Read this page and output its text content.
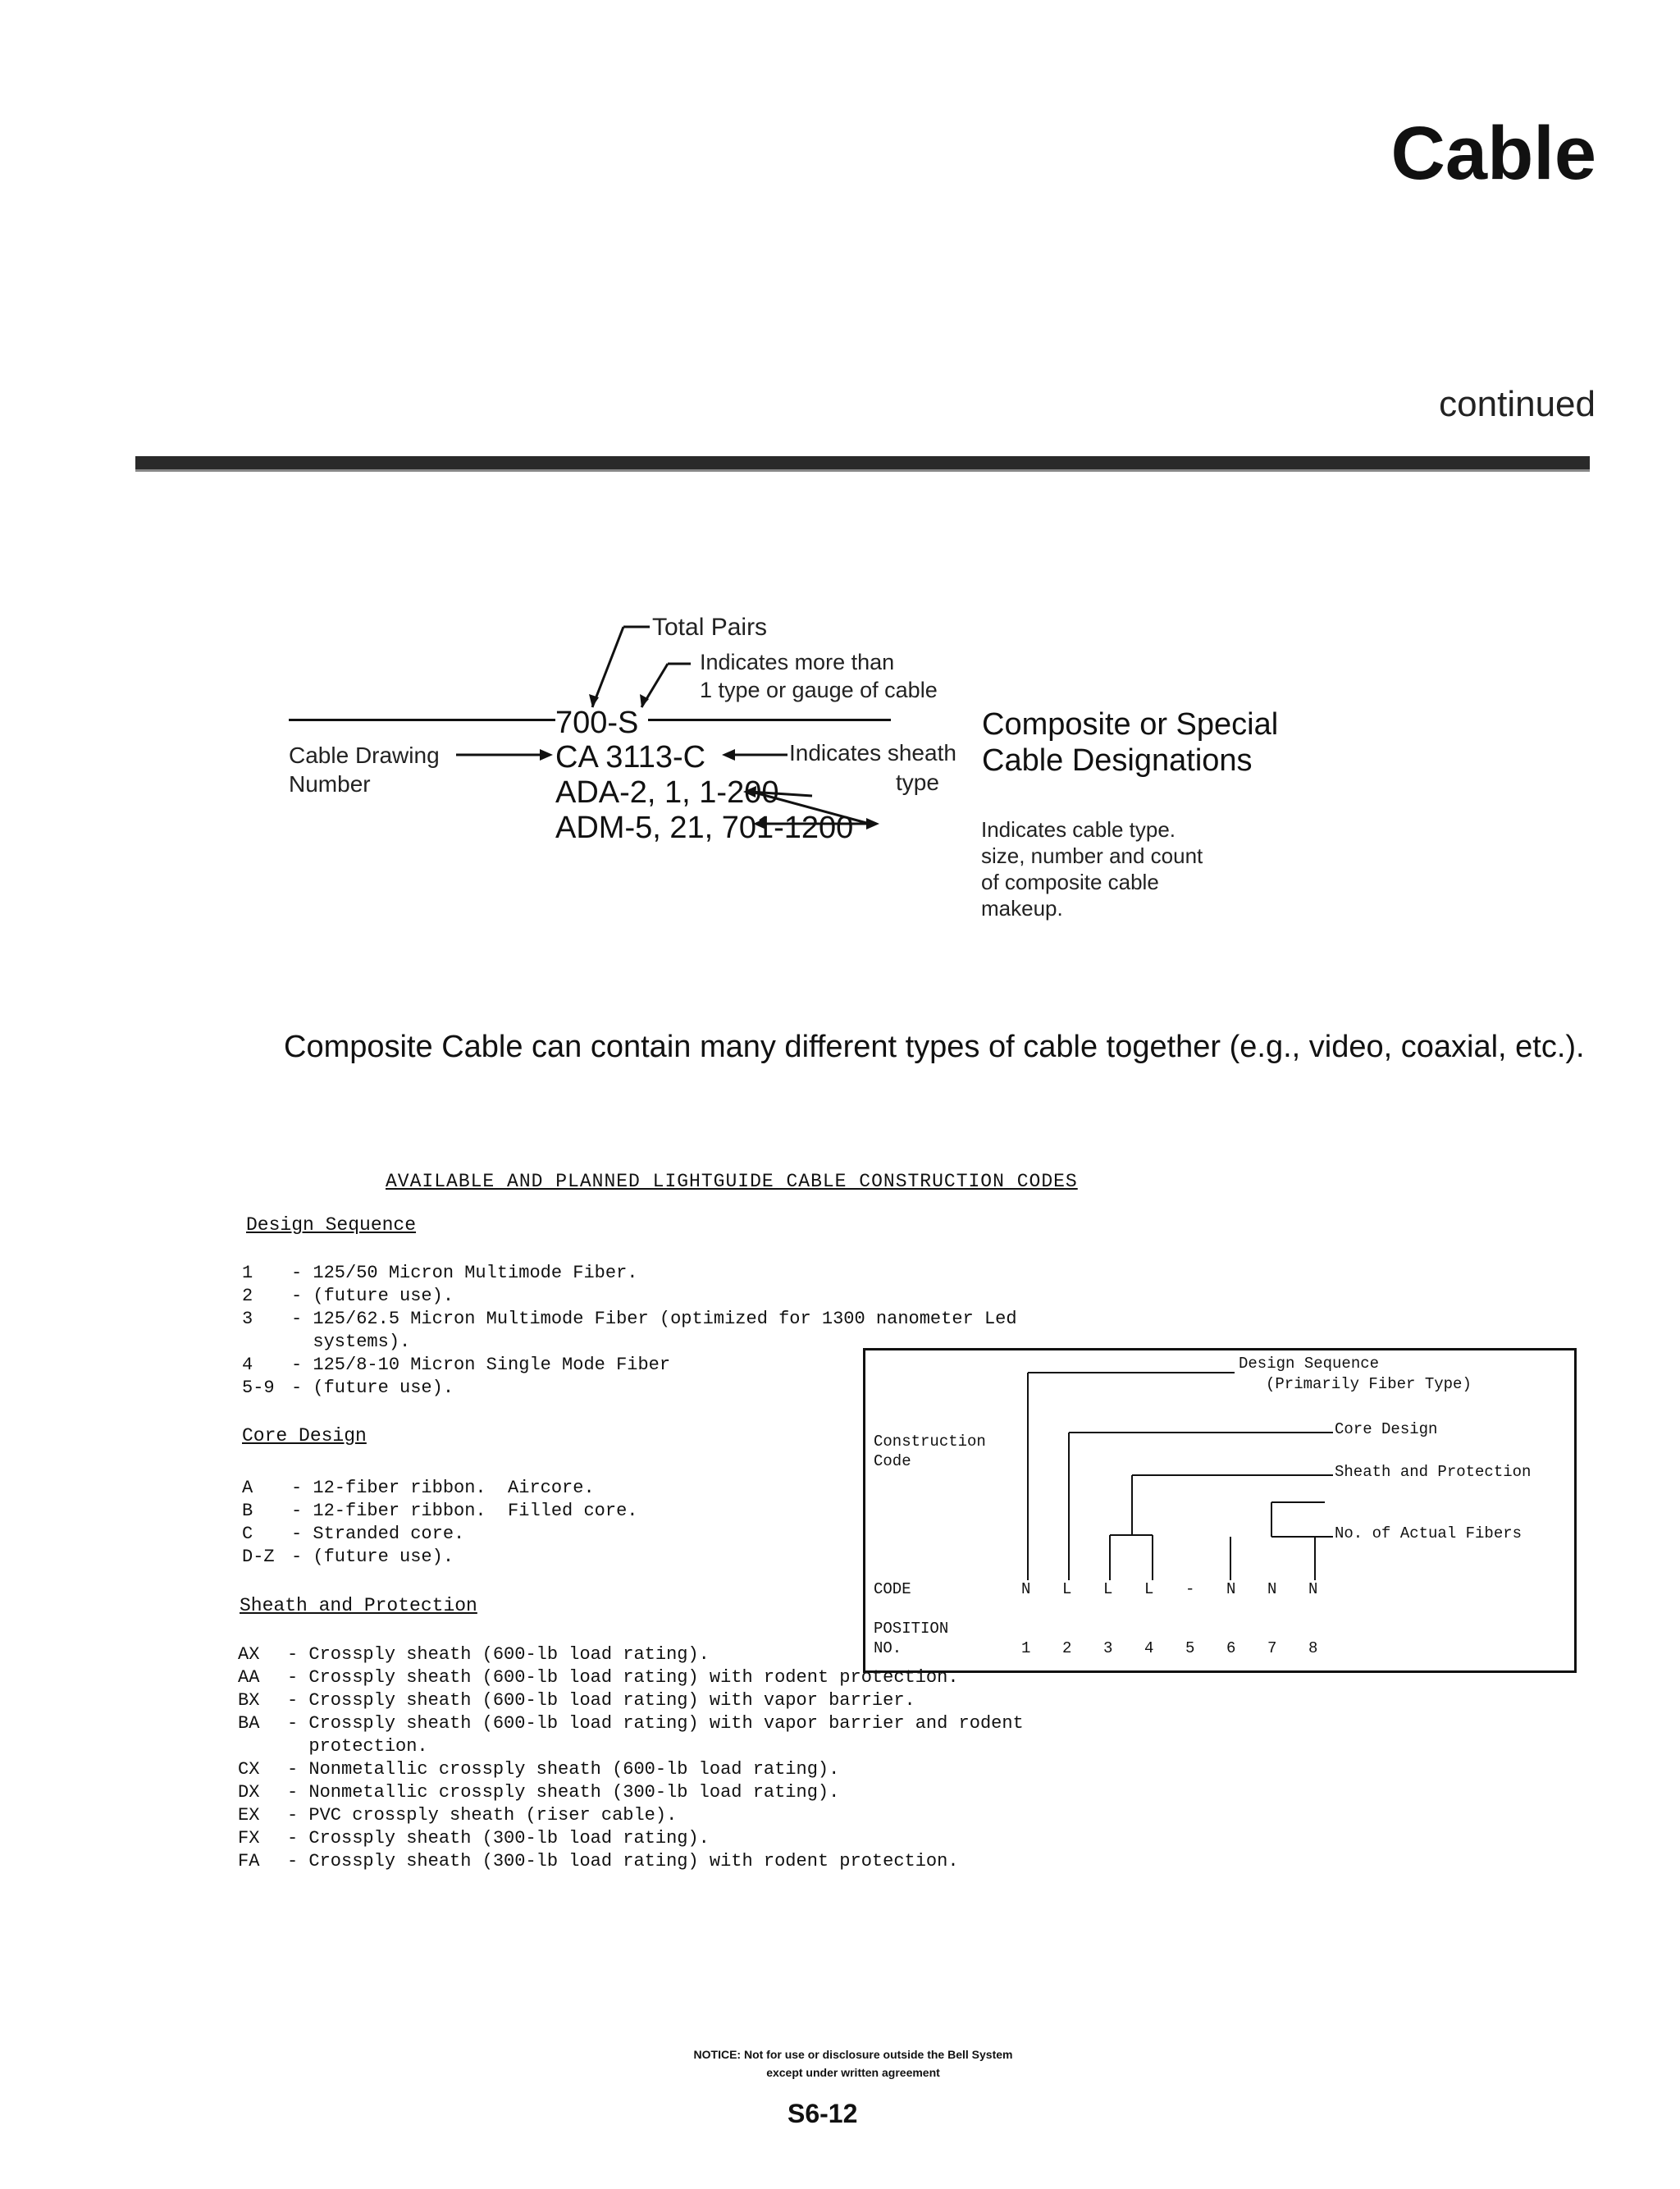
Cable
continued
Total Pairs
Indicates more than
1 type or gauge of cable
700-S
CA 3113-C
ADA-2, 1, 1-200
ADM-5, 21, 701-1200
Cable Drawing
Number
Indicates sheath
type
Composite or Special
Cable Designations
Indicates cable type.
size, number and count
of composite cable
makeup.
Composite Cable can contain many different types of cable together (e.g., video, coaxial, etc.).
AVAILABLE AND PLANNED LIGHTGUIDE CABLE CONSTRUCTION CODES
Design Sequence
1 - 125/50 Micron Multimode Fiber.
2 - (future use).
3 - 125/62.5 Micron Multimode Fiber (optimized for 1300 nanometer Led
systems).
4 - 125/8-10 Micron Single Mode Fiber
5-9 - (future use).
Core Design
A - 12-fiber ribbon.  Aircore.
B - 12-fiber ribbon.  Filled core.
C - Stranded core.
D-Z - (future use).
Sheath and Protection
AX - Crossply sheath (600-lb load rating).
AA - Crossply sheath (600-lb load rating) with rodent protection.
BX - Crossply sheath (600-lb load rating) with vapor barrier.
BA - Crossply sheath (600-lb load rating) with vapor barrier and rodent
protection.
CX - Nonmetallic crossply sheath (600-lb load rating).
DX - Nonmetallic crossply sheath (300-lb load rating).
EX - PVC crossply sheath (riser cable).
FX - Crossply sheath (300-lb load rating).
FA - Crossply sheath (300-lb load rating) with rodent protection.
Design Sequence
(Primarily Fiber Type)
Core Design
Sheath and Protection
No. of Actual Fibers
Construction
Code
CODE
POSITION
NO.
N L L L - N N N
1 2 3 4 5 6 7 8
NOTICE: Not for use or disclosure outside the Bell System
except under written agreement
S6-12
